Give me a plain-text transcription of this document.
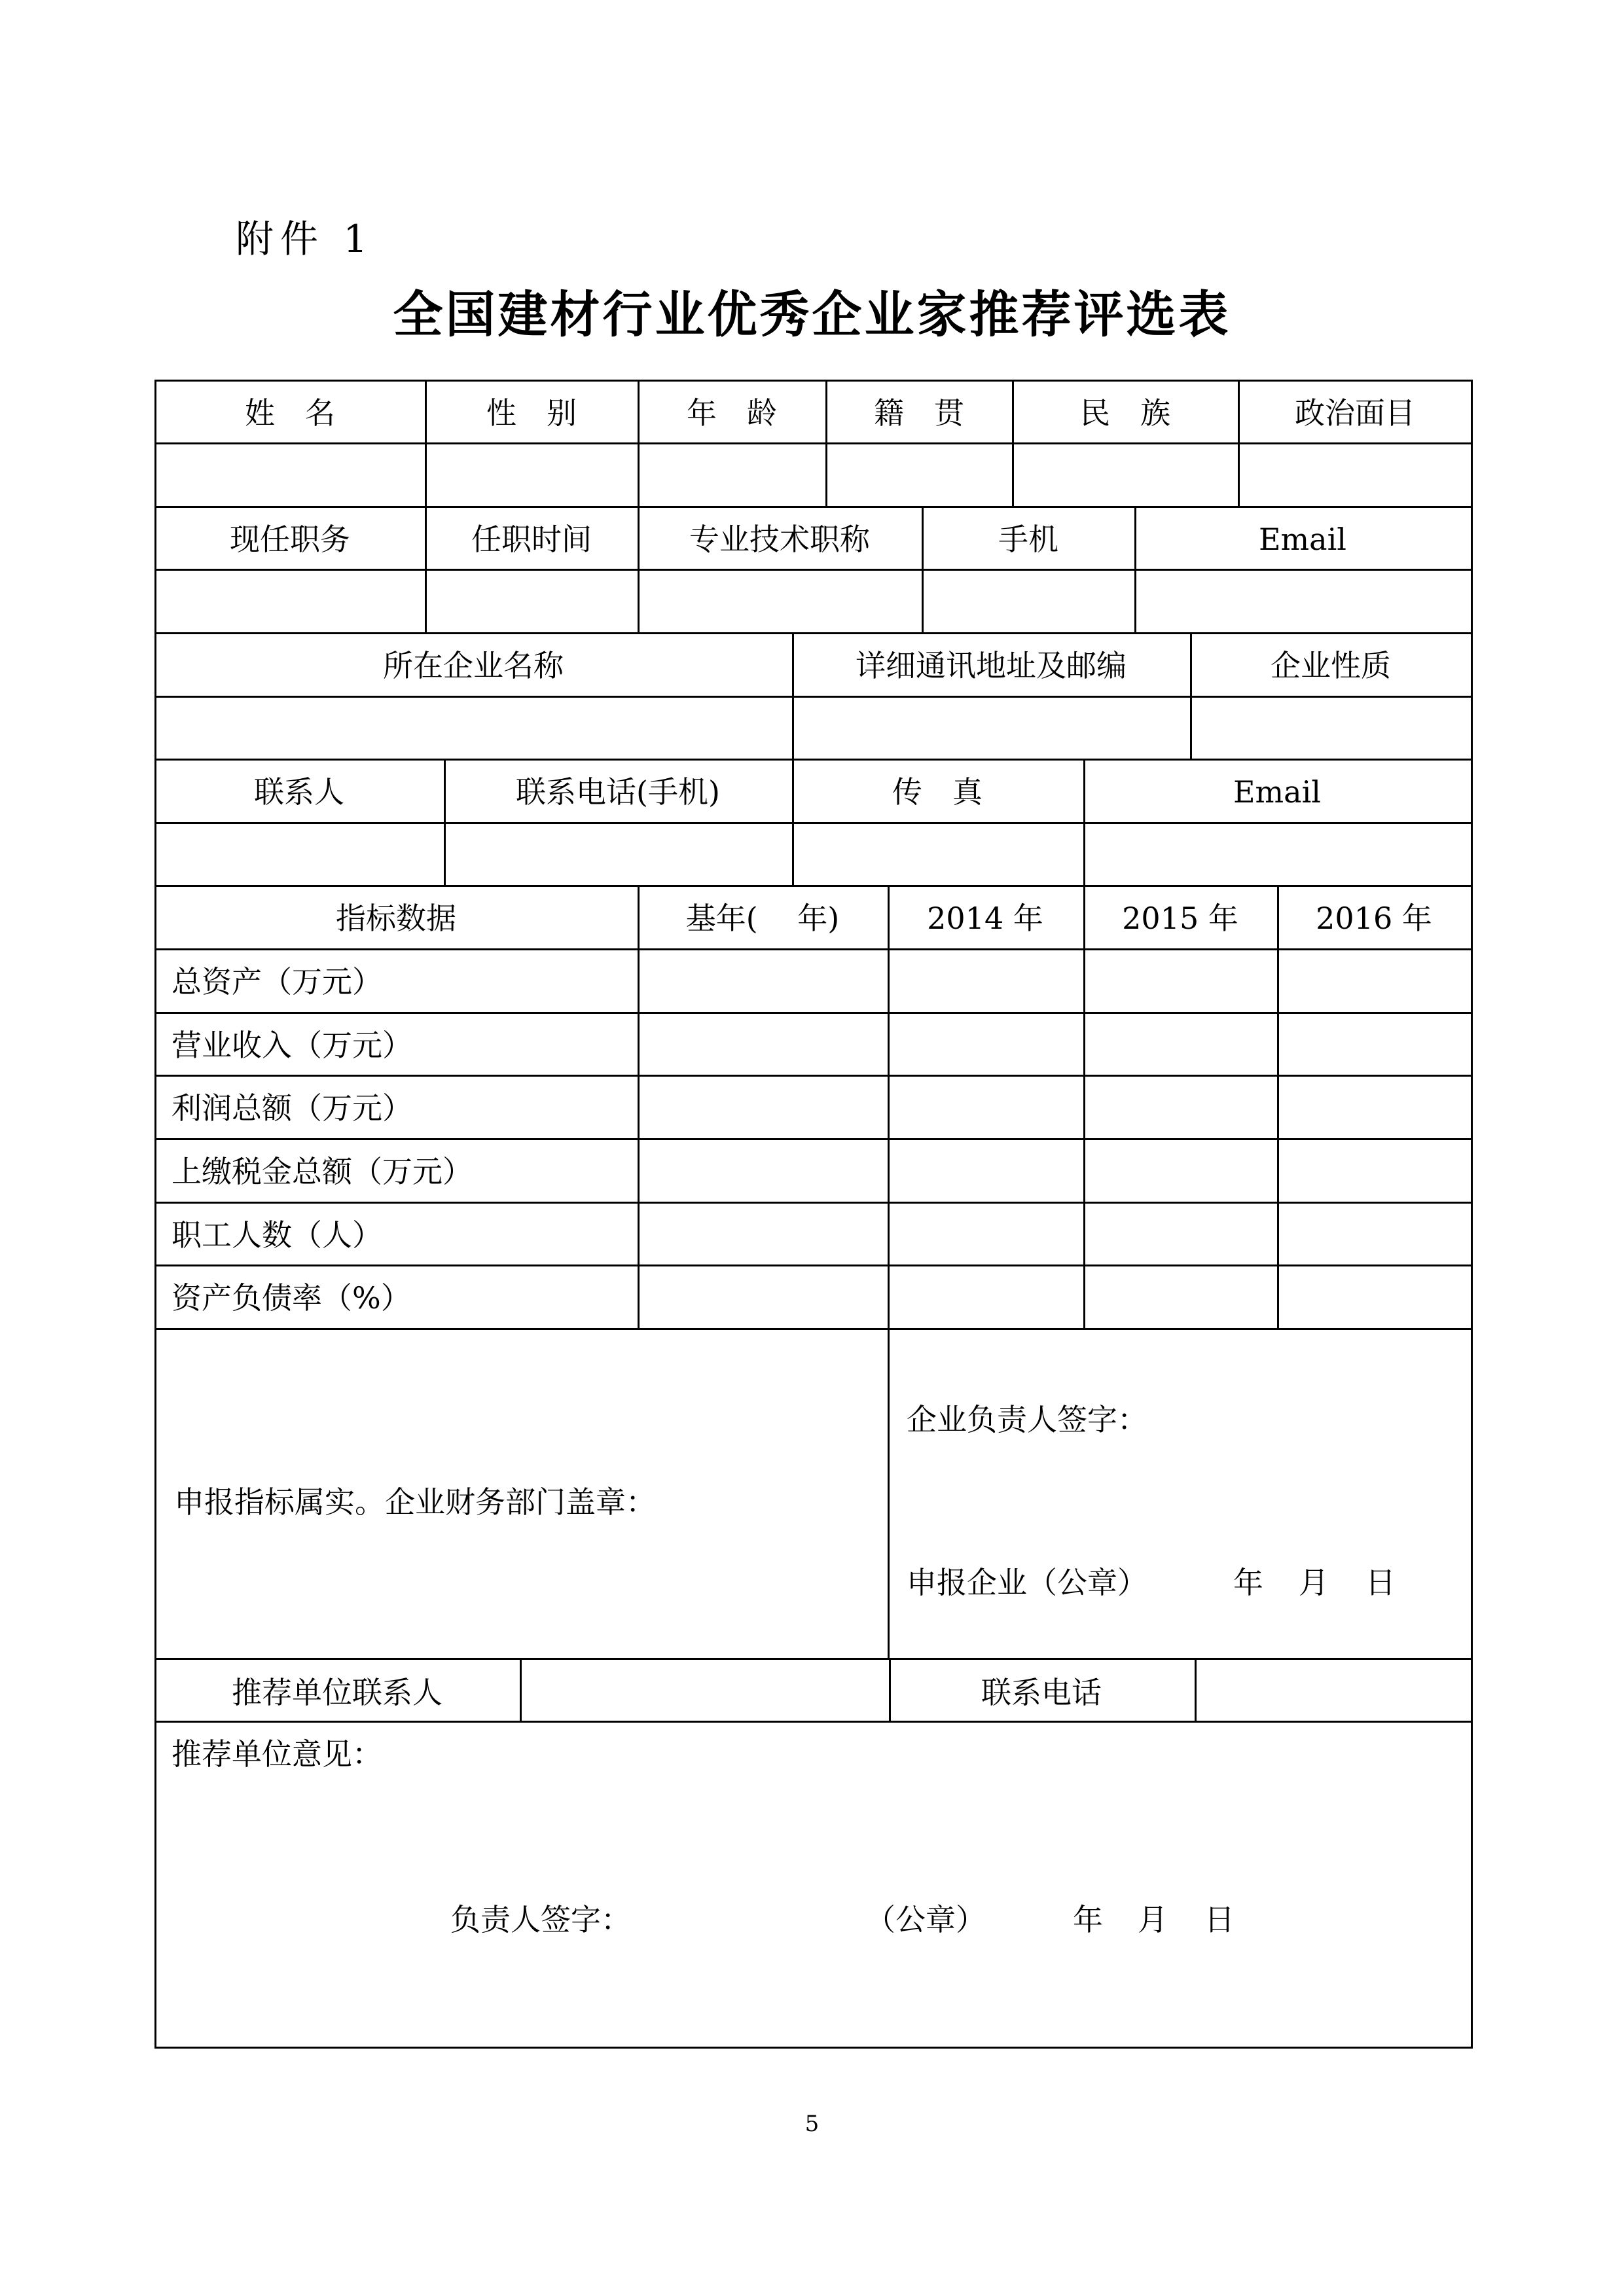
附件 1
全国建材行业优秀企业家推荐评选表
姓　名	性　别	年　龄	籍　贯	民　族	政治面目
现任职务	任职时间	专业技术职称	手机	Email
所在企业名称	详细通讯地址及邮编	企业性质
联系人	联系电话(手机)	传　真	Email
指标数据	基年(　 年)	2014 年	2015 年	2016 年
总资产（万元）
营业收入（万元）
利润总额（万元）
上缴税金总额（万元）
职工人数（人）
资产负债率（%）
申报指标属实。企业财务部门盖章：
企业负责人签字：
申报企业（公章）	年 月 日
推荐单位联系人	联系电话
推荐单位意见：
负责人签字：	（公章）	年 月 日
5
